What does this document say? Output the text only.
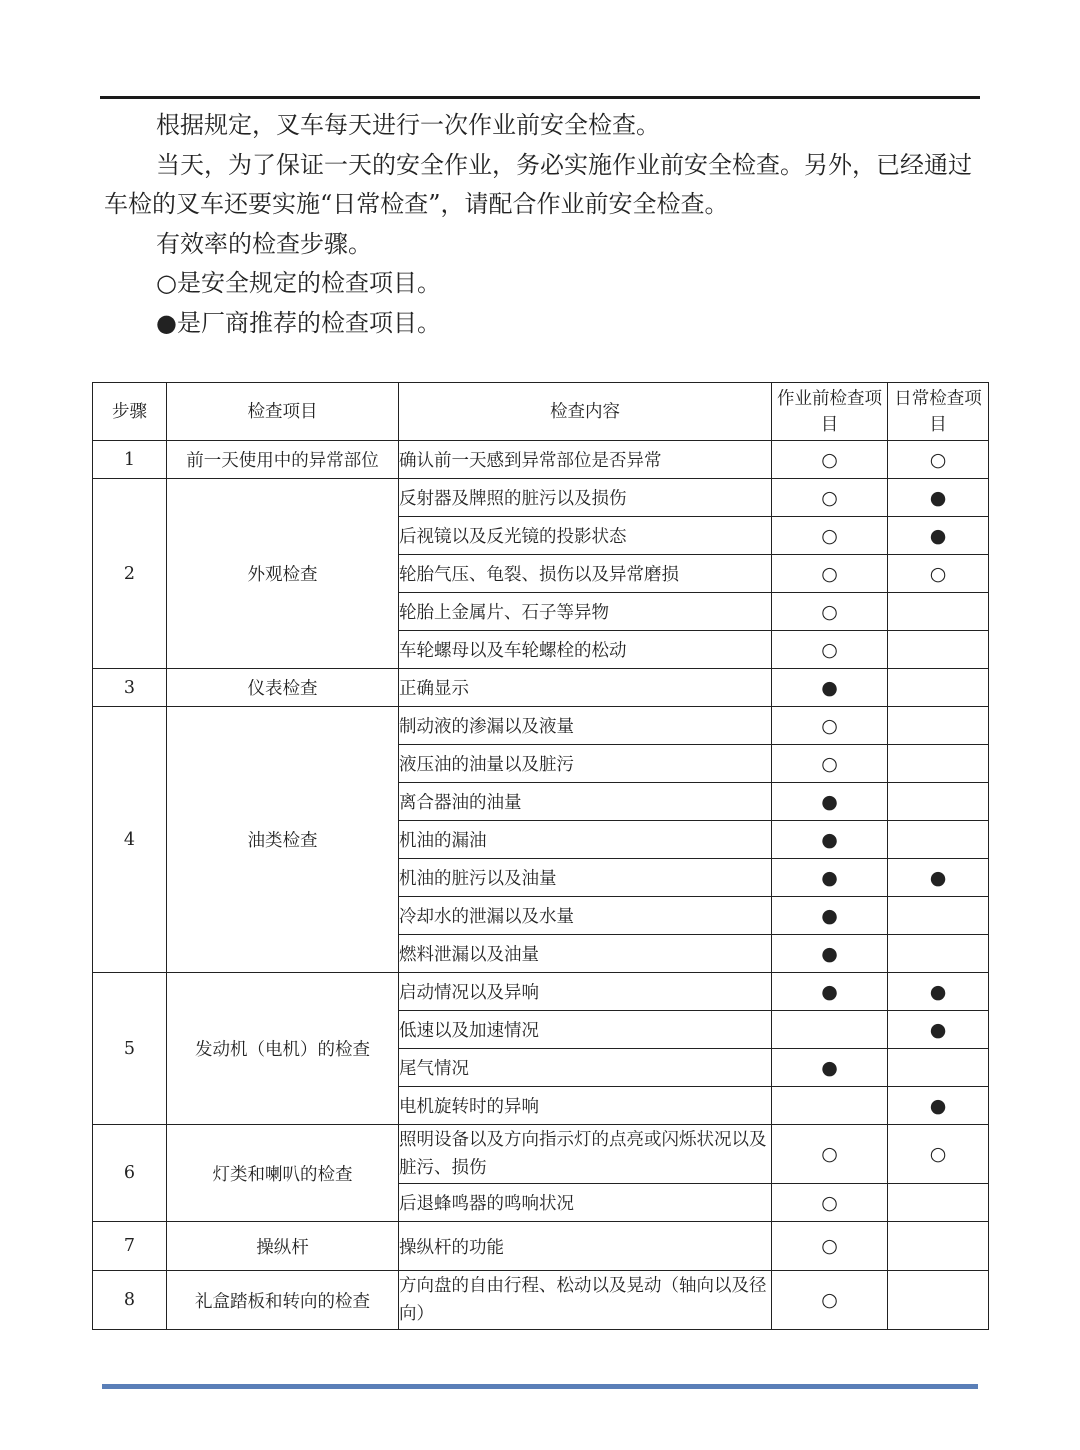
根据规定，叉车每天进行一次作业前安全检查。

当天，为了保证一天的安全作业，务必实施作业前安全检查。另外，已经通过车检的叉车还要实施“日常检查”，请配合作业前安全检查。

有效率的检查步骤。

○是安全规定的检查项目。

●是厂商推荐的检查项目。

步骤	检查项目	检查内容	作业前检查项目	日常检查项目
1	前一天使用中的异常部位	确认前一天感到异常部位是否异常	○	○
2	外观检查	反射器及牌照的脏污以及损伤	○	●
		后视镜以及反光镜的投影状态	○	●
		轮胎气压、龟裂、损伤以及异常磨损	○	○
		轮胎上金属片、石子等异物	○	
		车轮螺母以及车轮螺栓的松动	○	
3	仪表检查	正确显示	●	
4	油类检查	制动液的渗漏以及液量	○	
		液压油的油量以及脏污	○	
		离合器油的油量	●	
		机油的漏油	●	
		机油的脏污以及油量	●	●
		冷却水的泄漏以及水量	●	
		燃料泄漏以及油量	●	
5	发动机（电机）的检查	启动情况以及异响	●	●
		低速以及加速情况		●
		尾气情况	●	
		电机旋转时的异响		●
6	灯类和喇叭的检查	照明设备以及方向指示灯的点亮或闪烁状况以及脏污、损伤	○	○
		后退蜂鸣器的鸣响状况	○	
7	操纵杆	操纵杆的功能	○	
8	礼盒踏板和转向的检查	方向盘的自由行程、松动以及晃动（轴向以及径向）	○	
